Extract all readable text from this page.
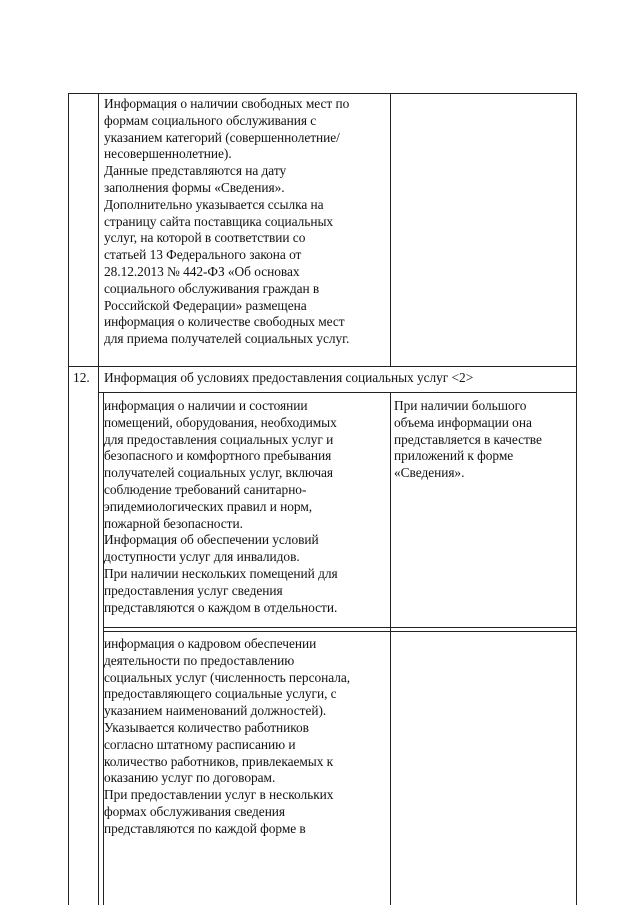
Информация о наличии свободных мест по
формам социального обслуживания с
указанием категорий (совершеннолетние/
несовершеннолетние).
Данные представляются на дату
заполнения формы «Сведения».
Дополнительно указывается ссылка на
страницу сайта поставщика социальных
услуг, на которой в соответствии со
статьей 13 Федерального закона от
28.12.2013 № 442-ФЗ «Об основах
социального обслуживания граждан в
Российской Федерации» размещена
информация о количестве свободных мест
для приема получателей социальных услуг.
12. Информация об условиях предоставления социальных услуг <2>
информация о наличии и состоянии
помещений, оборудования, необходимых
для предоставления социальных услуг и
безопасного и комфортного пребывания
получателей социальных услуг, включая
соблюдение требований санитарно-
эпидемиологических правил и норм,
пожарной безопасности.
Информация об обеспечении условий
доступности услуг для инвалидов.
При наличии нескольких помещений для
предоставления услуг сведения
представляются о каждом в отдельности.
При наличии большого
объема информации она
представляется в качестве
приложений к форме
«Сведения».
информация о кадровом обеспечении
деятельности по предоставлению
социальных услуг (численность персонала,
предоставляющего социальные услуги, с
указанием наименований должностей).
Указывается количество работников
согласно штатному расписанию и
количество работников, привлекаемых к
оказанию услуг по договорам.
При предоставлении услуг в нескольких
формах обслуживания сведения
представляются по каждой форме в
